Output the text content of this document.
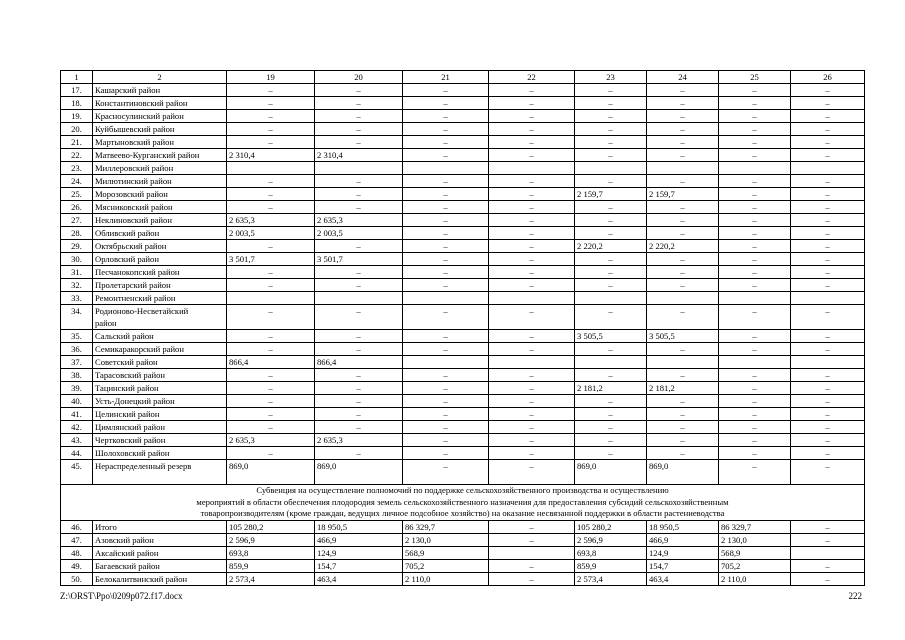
1	2	19	20	21	22	23	24	25	26
17.	Кашарский район	–	–	–	–	–	–	–	–
18.	Константиновский район	–	–	–	–	–	–	–	–
19.	Красносулинский район	–	–	–	–	–	–	–	–
20.	Куйбышевский район	–	–	–	–	–	–	–	–
21.	Мартыновский район	–	–	–	–	–	–	–	–
22.	Матвеево-Курганский район	2 310,4	2 310,4	–	–	–	–	–	–
23.	Миллеровский район								
24.	Милютинский район	–	–	–	–	–	–	–	–
25.	Морозовский район	–	–	–	–	2 159,7	2 159,7	–	–
26.	Мясниковский район	–	–	–	–	–	–	–	–
27.	Неклиновский район	2 635,3	2 635,3	–	–	–	–	–	–
28.	Обливский район	2 003,5	2 003,5	–	–	–	–	–	–
29.	Октябрьский район	–	–	–	–	2 220,2	2 220,2	–	–
30.	Орловский район	3 501,7	3 501,7	–	–	–	–	–	–
31.	Песчанокопский район	–	–	–	–	–	–	–	–
32.	Пролетарский район	–	–	–	–	–	–	–	–
33.	Ремонтненский район								
34.	Родионово-Несветайский
район	–	–	–	–	–	–	–	–
35.	Сальский район	–	–	–	–	3 505,5	3 505,5	–	–
36.	Семикаракорский район	–	–	–	–	–	–	–	–
37.	Советский район	866,4	866,4						
38.	Тарасовский район	–	–	–	–	–	–	–	–
39.	Тацинский район	–	–	–	–	2 181,2	2 181,2	–	–
40.	Усть-Донецкий район	–	–	–	–	–	–	–	–
41.	Целинский район	–	–	–	–	–	–	–	–
42.	Цимлянский район	–	–	–	–	–	–	–	–
43.	Чертковский район	2 635,3	2 635,3	–	–	–	–	–	–
44.	Шолоховский район	–	–	–	–	–	–	–	–
45.	Нераспределенный резерв	869,0	869,0	–	–	869,0	869,0	–	–

Субвенция на осуществление полномочий по поддержке сельскохозяйственного производства и осуществлению
мероприятий в области обеспечения плодородия земель сельскохозяйственного назначения для предоставления субсидий сельскохозяйственным
товаропроизводителям (кроме граждан, ведущих личное подсобное хозяйство) на оказание несвязанной поддержки в области растениеводства									

46.	Итого	105 280,2	18 950,5	86 329,7	–	105 280,2	18 950,5	86 329,7	–
47.	Азовский район	2 596,9	466,9	2 130,0	–	2 596,9	466,9	2 130,0	–
48.	Аксайский район	693,8	124,9	568,9		693,8	124,9	568,9	
49.	Багаевский район	859,9	154,7	705,2	–	859,9	154,7	705,2	–
50.	Белокалитвинский район	2 573,4	463,4	2 110,0	–	2 573,4	463,4	2 110,0	–
Z:\ORST\Ppo\0209p072.f17.docx	222
